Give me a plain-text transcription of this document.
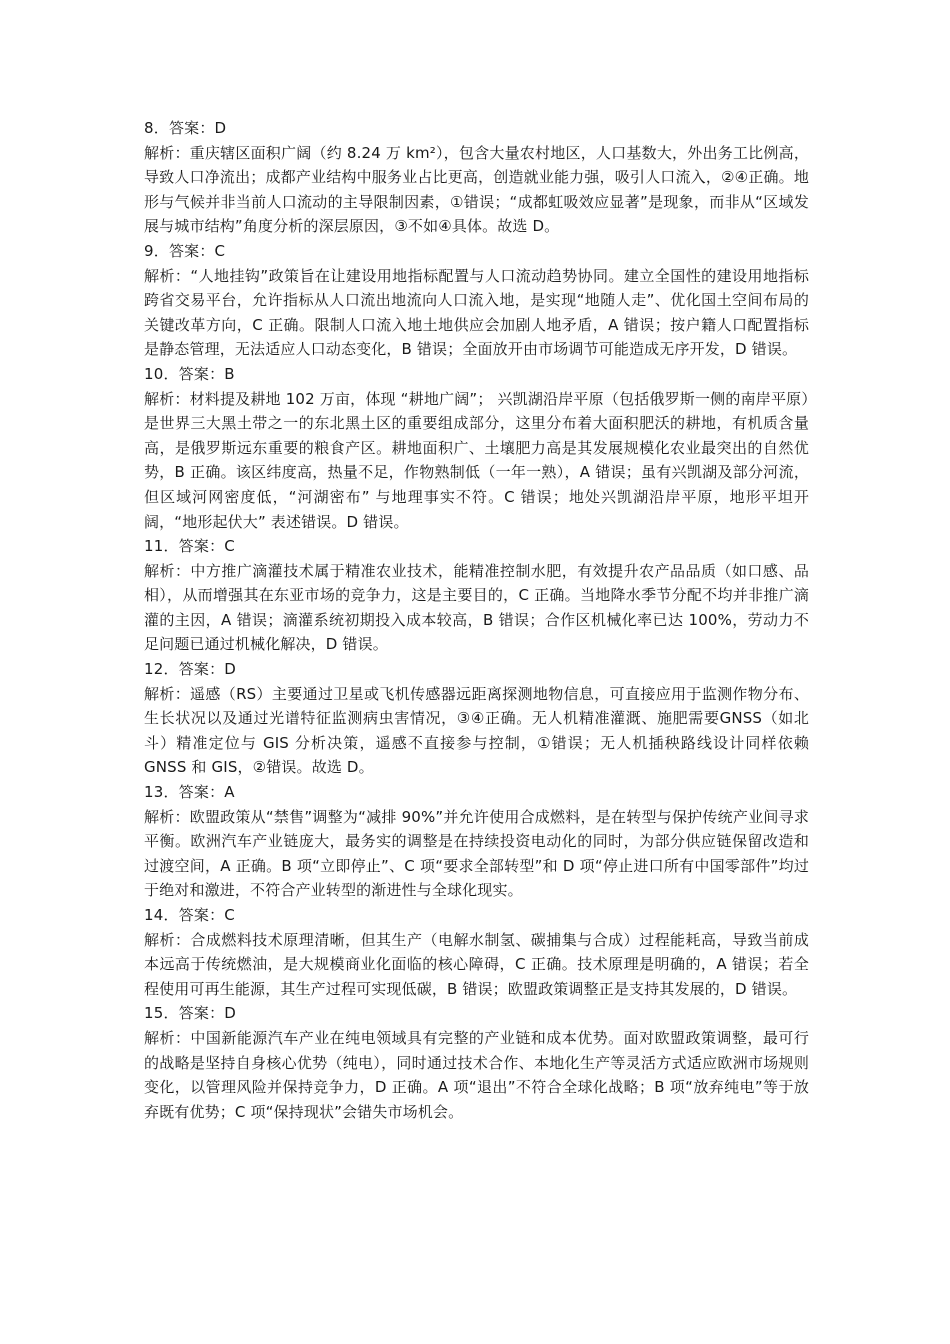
8．答案：D
解析：重庆辖区面积广阔（约 8.24 万 km²），包含大量农村地区，人口基数大，外出务工比例高，导致人口净流出；成都产业结构中服务业占比更高，创造就业能力强，吸引人口流入，②④正确。地形与气候并非当前人口流动的主导限制因素，①错误；“成都虹吸效应显著”是现象，而非从“区域发展与城市结构”角度分析的深层原因，③不如④具体。故选 D。
9．答案：C
解析：“人地挂钩”政策旨在让建设用地指标配置与人口流动趋势协同。建立全国性的建设用地指标跨省交易平台，允许指标从人口流出地流向人口流入地，是实现“地随人走”、优化国土空间布局的关键改革方向，C 正确。限制人口流入地土地供应会加剧人地矛盾，A 错误；按户籍人口配置指标是静态管理，无法适应人口动态变化，B 错误；全面放开由市场调节可能造成无序开发，D 错误。
10．答案：B
解析：材料提及耕地 102 万亩，体现 “耕地广阔”； 兴凯湖沿岸平原（包括俄罗斯一侧的南岸平原）是世界三大黑土带之一的东北黑土区的重要组成部分，这里分布着大面积肥沃的耕地，有机质含量高，是俄罗斯远东重要的粮食产区。耕地面积广、土壤肥力高是其发展规模化农业最突出的自然优势，B 正确。该区纬度高，热量不足，作物熟制低（一年一熟），A 错误；虽有兴凯湖及部分河流，但区域河网密度低，“河湖密布” 与地理事实不符。C 错误；地处兴凯湖沿岸平原，地形平坦开阔，“地形起伏大” 表述错误。D 错误。
11．答案：C
解析：中方推广滴灌技术属于精准农业技术，能精准控制水肥，有效提升农产品品质（如口感、品相），从而增强其在东亚市场的竞争力，这是主要目的，C 正确。当地降水季节分配不均并非推广滴灌的主因，A 错误；滴灌系统初期投入成本较高，B 错误；合作区机械化率已达 100%，劳动力不足问题已通过机械化解决，D 错误。
12．答案：D
解析：遥感（RS）主要通过卫星或飞机传感器远距离探测地物信息，可直接应用于监测作物分布、生长状况以及通过光谱特征监测病虫害情况，③④正确。无人机精准灌溉、施肥需要GNSS（如北斗）精准定位与 GIS 分析决策，遥感不直接参与控制，①错误；无人机插秧路线设计同样依赖 GNSS 和 GIS，②错误。故选 D。
13．答案：A
解析：欧盟政策从“禁售”调整为“减排 90%”并允许使用合成燃料，是在转型与保护传统产业间寻求平衡。欧洲汽车产业链庞大，最务实的调整是在持续投资电动化的同时，为部分供应链保留改造和过渡空间，A 正确。B 项“立即停止”、C 项“要求全部转型”和 D 项“停止进口所有中国零部件”均过于绝对和激进，不符合产业转型的渐进性与全球化现实。
14．答案：C
解析：合成燃料技术原理清晰，但其生产（电解水制氢、碳捕集与合成）过程能耗高，导致当前成本远高于传统燃油，是大规模商业化面临的核心障碍，C 正确。技术原理是明确的，A 错误；若全程使用可再生能源，其生产过程可实现低碳，B 错误；欧盟政策调整正是支持其发展的，D 错误。
15．答案：D
解析：中国新能源汽车产业在纯电领域具有完整的产业链和成本优势。面对欧盟政策调整，最可行的战略是坚持自身核心优势（纯电），同时通过技术合作、本地化生产等灵活方式适应欧洲市场规则变化，以管理风险并保持竞争力，D 正确。A 项“退出”不符合全球化战略；B 项“放弃纯电”等于放弃既有优势；C 项“保持现状”会错失市场机会。
